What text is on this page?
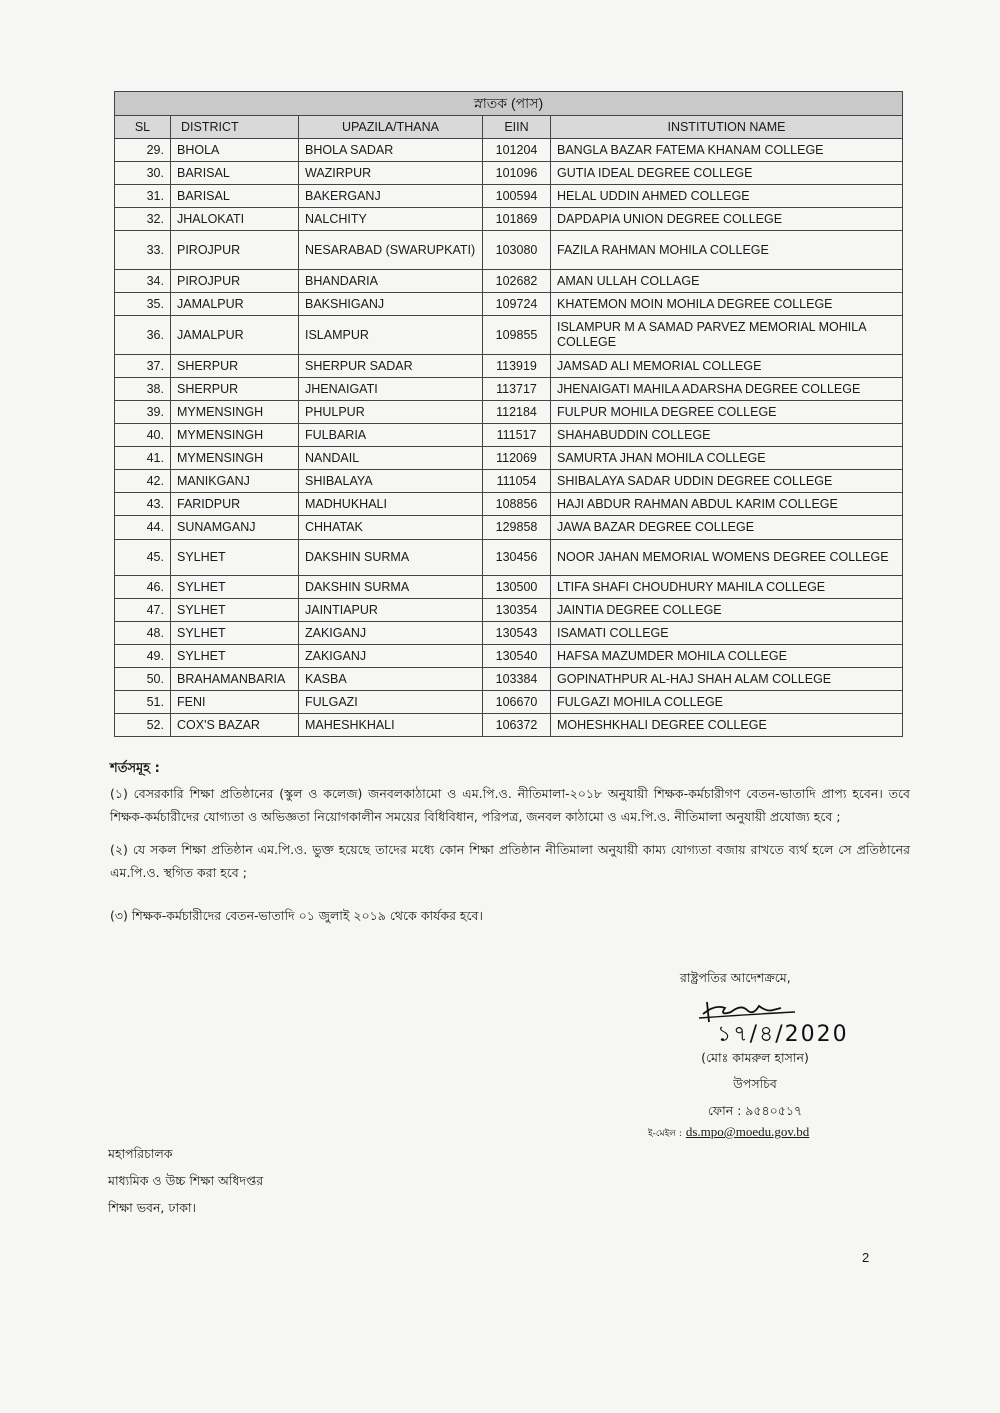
স্নাতক (পাস)				
SL	DISTRICT	UPAZILA/THANA	EIIN	INSTITUTION NAME
29.	BHOLA	BHOLA SADAR	101204	BANGLA BAZAR FATEMA KHANAM COLLEGE
30.	BARISAL	WAZIRPUR	101096	GUTIA IDEAL DEGREE COLLEGE
31.	BARISAL	BAKERGANJ	100594	HELAL UDDIN AHMED COLLEGE
32.	JHALOKATI	NALCHITY	101869	DAPDAPIA UNION DEGREE COLLEGE
33.	PIROJPUR	NESARABAD (SWARUPKATI)	103080	FAZILA RAHMAN MOHILA COLLEGE
34.	PIROJPUR	BHANDARIA	102682	AMAN ULLAH COLLAGE
35.	JAMALPUR	BAKSHIGANJ	109724	KHATEMON MOIN MOHILA DEGREE COLLEGE
36.	JAMALPUR	ISLAMPUR	109855	ISLAMPUR M A SAMAD PARVEZ MEMORIAL MOHILA COLLEGE
37.	SHERPUR	SHERPUR SADAR	113919	JAMSAD ALI MEMORIAL COLLEGE
38.	SHERPUR	JHENAIGATI	113717	JHENAIGATI MAHILA ADARSHA DEGREE COLLEGE
39.	MYMENSINGH	PHULPUR	112184	FULPUR MOHILA DEGREE COLLEGE
40.	MYMENSINGH	FULBARIA	111517	SHAHABUDDIN COLLEGE
41.	MYMENSINGH	NANDAIL	112069	SAMURTA JHAN MOHILA COLLEGE
42.	MANIKGANJ	SHIBALAYA	111054	SHIBALAYA SADAR UDDIN DEGREE COLLEGE
43.	FARIDPUR	MADHUKHALI	108856	HAJI ABDUR RAHMAN ABDUL KARIM COLLEGE
44.	SUNAMGANJ	CHHATAK	129858	JAWA BAZAR DEGREE COLLEGE
45.	SYLHET	DAKSHIN SURMA	130456	NOOR JAHAN MEMORIAL WOMENS DEGREE COLLEGE
46.	SYLHET	DAKSHIN SURMA	130500	LTIFA SHAFI CHOUDHURY MAHILA COLLEGE
47.	SYLHET	JAINTIAPUR	130354	JAINTIA DEGREE COLLEGE
48.	SYLHET	ZAKIGANJ	130543	ISAMATI COLLEGE
49.	SYLHET	ZAKIGANJ	130540	HAFSA MAZUMDER MOHILA COLLEGE
50.	BRAHAMANBARIA	KASBA	103384	GOPINATHPUR AL-HAJ SHAH ALAM COLLEGE
51.	FENI	FULGAZI	106670	FULGAZI MOHILA COLLEGE
52.	COX'S BAZAR	MAHESHKHALI	106372	MOHESHKHALI DEGREE COLLEGE
শর্তসমূহ :

(১) বেসরকারি শিক্ষা প্রতিষ্ঠানের (স্কুল ও কলেজ) জনবলকাঠামো ও এম.পি.ও. নীতিমালা-২০১৮ অনুযায়ী শিক্ষক-কর্মচারীগণ বেতন-ভাতাদি প্রাপ্য হবেন। তবে শিক্ষক-কর্মচারীদের যোগ্যতা ও অভিজ্ঞতা নিয়োগকালীন সময়ের বিধিবিধান, পরিপত্র, জনবল কাঠামো ও এম.পি.ও. নীতিমালা অনুযায়ী প্রযোজ্য হবে ;

(২) যে সকল শিক্ষা প্রতিষ্ঠান এম.পি.ও. ভুক্ত হয়েছে তাদের মধ্যে কোন শিক্ষা প্রতিষ্ঠান নীতিমালা অনুযায়ী কাম্য যোগ্যতা বজায় রাখতে ব্যর্থ হলে সে প্রতিষ্ঠানের এম.পি.ও. স্থগিত করা হবে ;

(৩) শিক্ষক-কর্মচারীদের বেতন-ভাতাদি ০১ জুলাই ২০১৯ থেকে কার্যকর হবে।

রাষ্ট্রপতির আদেশক্রমে,
১৭/৪/2020
(মোঃ কামরুল হাসান)
উপসচিব
ফোন : ৯৫৪০৫১৭
ই-মেইল : ds.mpo@moedu.gov.bd
মহাপরিচালক
মাধ্যমিক ও উচ্চ শিক্ষা অধিদপ্তর
শিক্ষা ভবন, ঢাকা।
2
